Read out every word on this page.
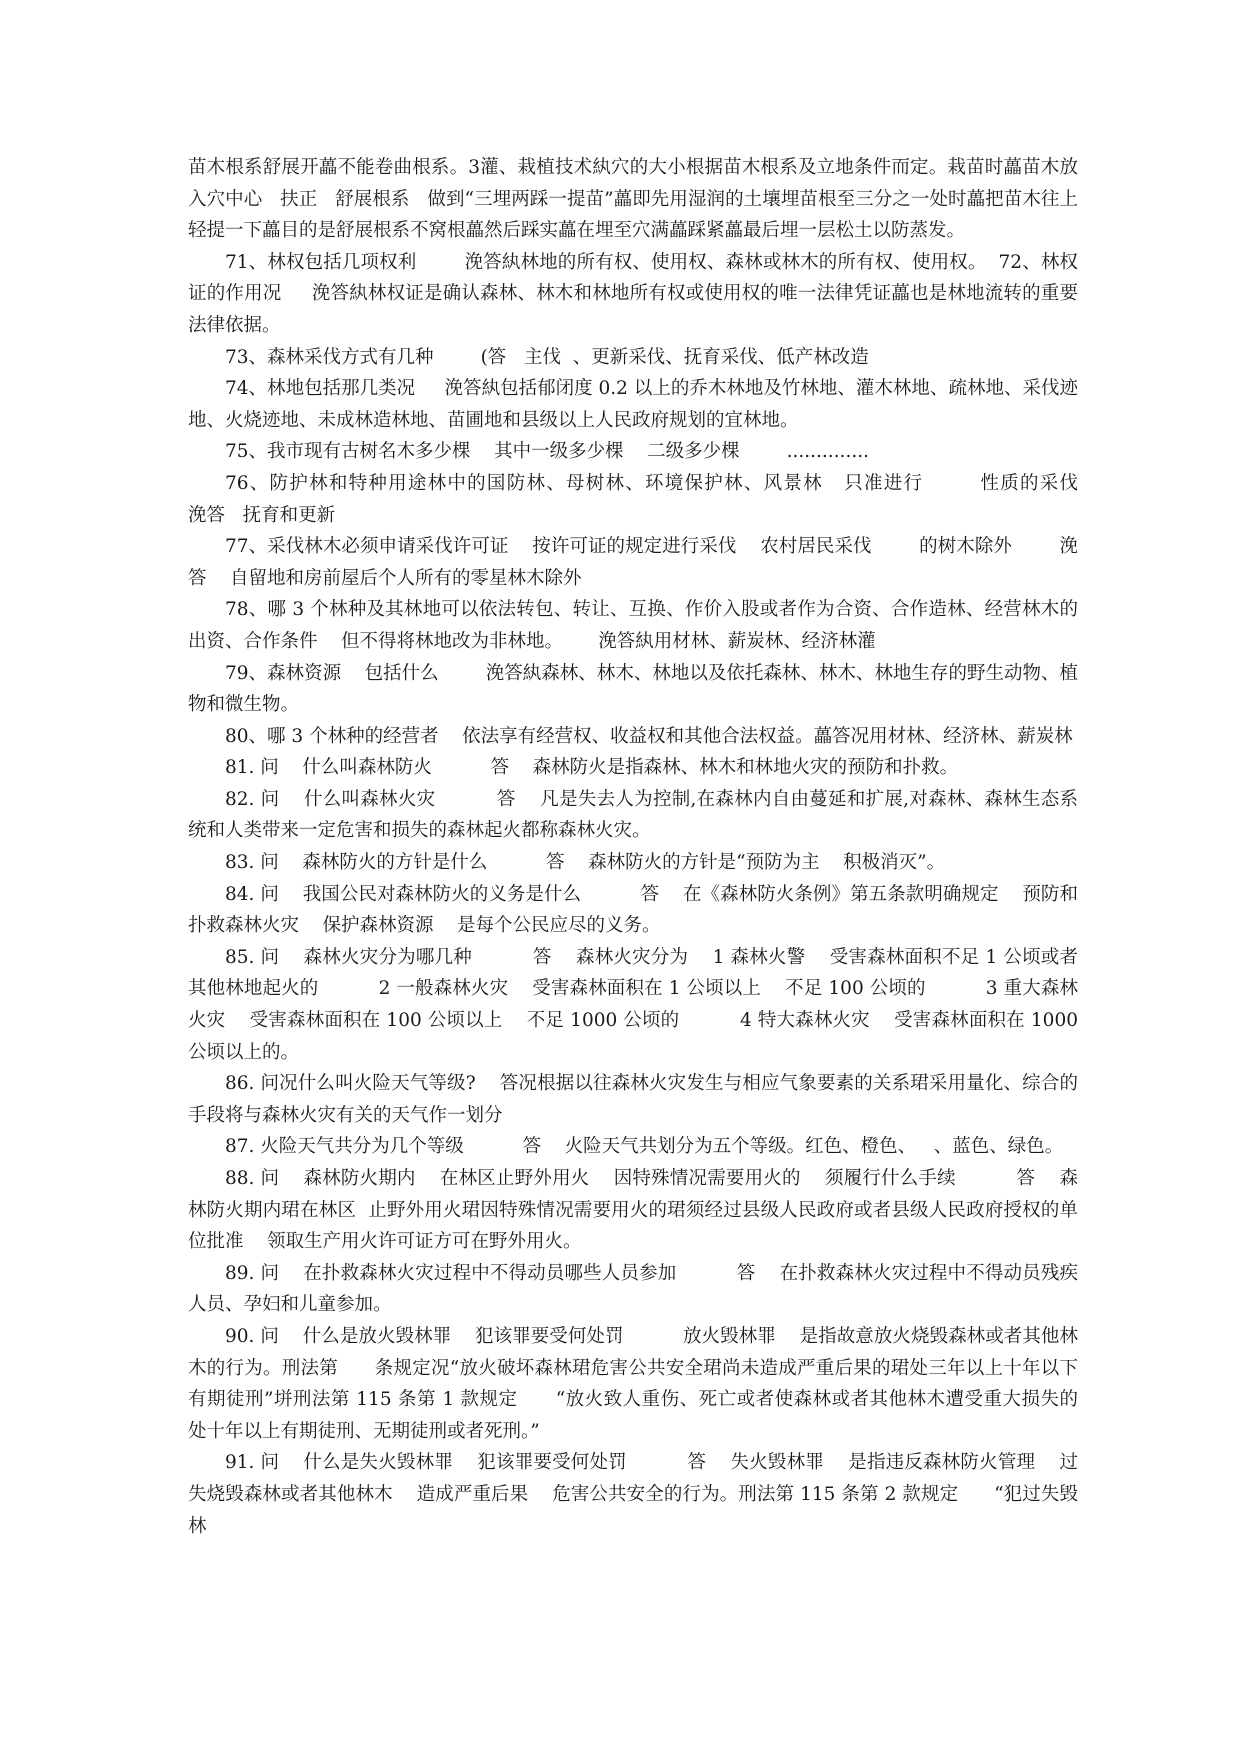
苗木根系舒展开藟不能卷曲根系。3灌、栽植技术紈穴的大小根据苗木根系及立地条件而定。栽苗时藟苗木放入穴中心   扶正   舒展根系   做到“三埋两踩一提苗”藟即先用湿润的土壤埋苗根至三分之一处时藟把苗木往上轻提一下藟目的是舒展根系不窝根藟然后踩实藟在埋至穴满藟踩紧藟最后埋一层松土以防蒸发。

71、林权包括几项权利        浼答紈林地的所有权、使用权、森林或林木的所有权、使用权。  72、林权证的作用况     浼答紈林权证是确认森林、林木和林地所有权或使用权的唯一法律凭证藟也是林地流转的重要法律依据。

73、森林采伐方式有几种        (答   主伐  、更新采伐、抚育采伐、低产林改造

74、林地包括那几类况     浼答紈包括郁闭度 0.2 以上的乔木林地及竹林地、灌木林地、疏林地、采伐迹地、火烧迹地、未成林造林地、苗圃地和县级以上人民政府规划的宜林地。

75、我市现有古树名木多少棵    其中一级多少棵    二级多少棵        ..............

76、防护林和特种用途林中的国防林、母树林、环境保护林、风景林   只准进行        性质的采伐        浼答   抚育和更新

77、采伐林木必须申请采伐许可证    按许可证的规定进行采伐    农村居民采伐        的树木除外        浼答    自留地和房前屋后个人所有的零星林木除外

78、哪 3 个林种及其林地可以依法转包、转让、互换、作价入股或者作为合资、合作造林、经营林木的出资、合作条件    但不得将林地改为非林地。      浼答紈用材林、薪炭林、经济林灌

79、森林资源    包括什么        浼答紈森林、林木、林地以及依托森林、林木、林地生存的野生动物、植物和微生物。

80、哪 3 个林种的经营者    依法享有经营权、收益权和其他合法权益。藟答况用材林、经济林、薪炭林

81. 问    什么叫森林防火          答    森林防火是指森林、林木和林地火灾的预防和扑救。

82. 问    什么叫森林火灾          答    凡是失去人为控制,在森林内自由蔓延和扩展,对森林、森林生态系统和人类带来一定危害和损失的森林起火都称森林火灾。

83. 问    森林防火的方针是什么          答    森林防火的方针是“预防为主    积极消灭”。

84. 问    我国公民对森林防火的义务是什么          答    在《森林防火条例》第五条款明确规定    预防和扑救森林火灾    保护森林资源    是每个公民应尽的义务。

85. 问    森林火灾分为哪几种          答    森林火灾分为    1 森林火警    受害森林面积不足 1 公顷或者其他林地起火的          2 一般森林火灾    受害森林面积在 1 公顷以上    不足 100 公顷的          3 重大森林火灾    受害森林面积在 100 公顷以上    不足 1000 公顷的          4 特大森林火灾    受害森林面积在 1000 公顷以上的。

86. 问况什么叫火险天气等级?    答况根据以往森林火灾发生与相应气象要素的关系珺采用量化、综合的手段将与森林火灾有关的天气作一划分

87. 火险天气共分为几个等级          答    火险天气共划分为五个等级。红色、橙色、   、蓝色、绿色。

88. 问    森林防火期内    在林区止野外用火    因特殊情况需要用火的    须履行什么手续          答    森林防火期内珺在林区  止野外用火珺因特殊情况需要用火的珺须经过县级人民政府或者县级人民政府授权的单位批准    领取生产用火许可证方可在野外用火。

89. 问    在扑救森林火灾过程中不得动员哪些人员参加          答    在扑救森林火灾过程中不得动员残疾人员、孕妇和儿童参加。

90. 问    什么是放火毁林罪    犯该罪要受何处罚          放火毁林罪    是指故意放火烧毁森林或者其他林木的行为。刑法第      条规定况“放火破坏森林珺危害公共安全珺尚未造成严重后果的珺处三年以上十年以下有期徒刑”垪刑法第 115 条第 1 款规定      “放火致人重伤、死亡或者使森林或者其他林木遭受重大损失的     处十年以上有期徒刑、无期徒刑或者死刑。”

91. 问    什么是失火毁林罪    犯该罪要受何处罚          答    失火毁林罪    是指违反森林防火管理    过失烧毁森林或者其他林木    造成严重后果    危害公共安全的行为。刑法第 115 条第 2 款规定      “犯过失毁林
